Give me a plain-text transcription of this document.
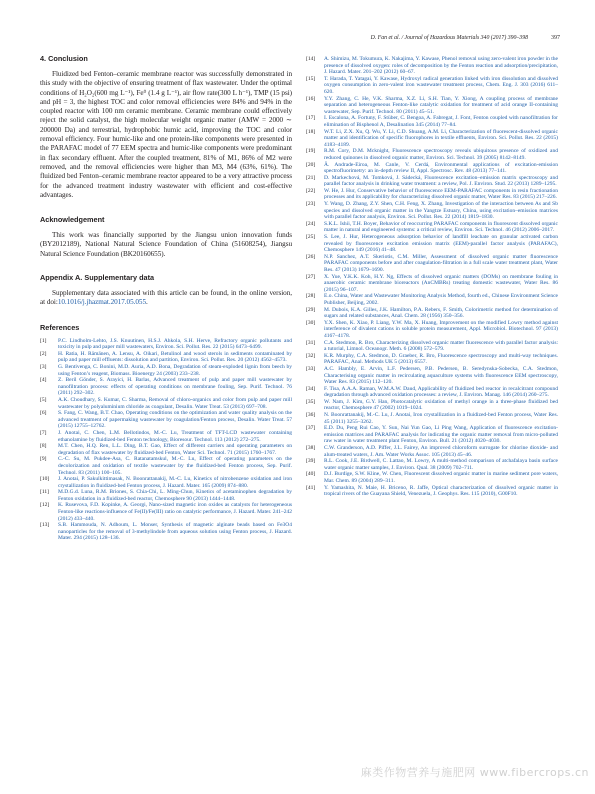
D. Fan et al. / Journal of Hazardous Materials 340 (2017) 390–398	397
4. Conclusion

Fluidized bed Fenton–ceramic membrane reactor was successfully demonstrated in this study with the objective of ensuring treatment of flax wastewater. Under the optimal conditions of H₂O₂(600 mg L⁻¹), Fe⁰ (1.4 g L⁻¹), air flow rate(300 L h⁻¹), TMP (15 psi) and pH = 3, the highest TOC and color removal efficiencies were 84% and 94% in the coupled reactor with 100 nm ceramic membrane. Ceramic membrane could effectively reject the solid catalyst, the high molecular weight organic matter (AMW = 2000 ∼ 200000 Da) and terrestrial, hydrophobic humic acid, improving the TOC and color removal efficiency. Four humic-like and one protein-like components were presented in the PARAFAC model of 77 EEM spectra and humic-like components were predominant in flax secondary effluent. After the coupled treatment, 81% of M1, 86% of M2 were removed, and the removal efficiencies were higher than M3, M4 (63%, 61%). The fluidized bed Fenton–ceramic membrane reactor appeared to be a very attractive process for the advanced treatment industry wastewater with efficient and cost-effective advantages.

Acknowledgement

This work was financially supported by the Jiangsu union innovation funds (BY2012189), National Natural Science Foundation of China (51608254), Jiangsu Natural Science Foundation (BK20160655).

Appendix A. Supplementary data

Supplementary data associated with this article can be found, in the online version, at doi:10.1016/j.jhazmat.2017.05.055.

References
[1]	P.C. Lindholm-Lehto, J.S. Knuutinen, H.S.J. Ahkola, S.H. Herve, Refractory organic pollutants and toxicity in pulp and paper mill wastewaters, Environ. Sci. Pollut. Res. 22 (2015) 6473–6499.
[2]	H. Ratia, H. Rämänen, A. Lensu, A. Oikari, Betulinol and wood sterols in sediments contaminated by pulp and paper mill effluents: dissolution and partition, Environ. Sci. Pollut. Res. 20 (2012) 4562–4573.
[3]	G. Bentivenga, C. Bonini, M.D. Auria, A.D. Bona, Degradation of steam-exploded lignin from beech by using Fenton’s reagent, Biomass. Bioenergy 24 (2003) 233–238.
[4]	Z. Beril Gönder, S. Arayici, H. Barlas, Advanced treatment of pulp and paper mill wastewater by nanofiltration process: effects of operating conditions on membrane fouling, Sep. Purif. Technol. 76 (2011) 292–302.
[5]	A.K. Choudhary, S. Kumar, C. Sharma, Removal of chloro-organics and color from pulp and paper mill wastewater by polyaluminium chloride as coagulant, Desalin. Water Treat. 53 (2013) 697–708.
[6]	S. Fang, C. Wang, B.T. Chao, Operating conditions on the optimization and water quality analysis on the advanced treatment of papermaking wastewater by coagulation/Fenton process, Desalin. Water Treat. 57 (2015) 12755–12762.
[7]	J. Anotai, C. Chen, L.M. Bellotindos, M.-C. Lu, Treatment of TFT-LCD wastewater containing ethanolamine by fluidized-bed Fenton technology, Bioresour. Technol. 113 (2012) 272–275.
[8]	M.T. Chen, H.Q. Ren, L.L. Ding, B.T. Gao, Effect of different carriers and operating parameters on degradation of flax wastewater by fluidized-bed Fenton, Water Sci. Technol. 71 (2015) 1760–1767.
[9]	C.-C. Su, M. Pukdee-Asa, C. Ratanatamskul, M.-C. Lu, Effect of operating parameters on the decolorization and oxidation of textile wastewater by the fluidized-bed Fenton process, Sep. Purif. Technol. 83 (2011) 100–105.
[10]	J. Anotai, P. Sakulkittimasak, N. Boonrattanakij, M.-C. Lu, Kinetics of nitrobenzene oxidation and iron crystallization in fluidized-bed Fenton process, J. Hazard. Mater. 165 (2009) 874–880.
[11]	M.D.G.d. Luna, R.M. Briones, S. Chia-Chi, L. Ming-Chun, Kinetics of acetaminophen degradation by Fenton oxidation in a fluidized-bed reactor, Chemosphere 90 (2013) 1444–1448.
[12]	K. Rusevova, F.D. Kopinke, A. Georgi, Nano-sized magnetic iron oxides as catalysts for heterogeneous Fenton-like reactions-influence of Fe(II)/Fe(III) ratio on catalytic performance, J. Hazard. Mater. 241–242 (2012) 433–440.
[13]	S.B. Hammouda, N. Adhoum, L. Monser, Synthesis of magnetic alginate beads based on Fe3O4 nanoparticles for the removal of 3-methylindole from aqueous solution using Fenton process, J. Hazard. Mater. 294 (2015) 128–136.
[14]	A. Shimizu, M. Tokumura, K. Nakajima, Y. Kawase, Phenol removal using zero-valent iron powder in the presence of dissolved oxygen: roles of decomposition by the Fenton reaction and adsorption/precipitation, J. Hazard. Mater. 201–202 (2012) 60–67.
[15]	T. Harada, T. Yatagai, Y. Kawase, Hydroxyl radical generation linked with iron dissolution and dissolved oxygen consumption in zero-valent iron wastewater treatment process, Chem. Eng. J. 303 (2016) 611–620.
[16]	Y.Y. Zhang, C. He, V.K. Sharma, X.Z. Li, S.H. Tian, Y. Xiong, A coupling process of membrane separation and heterogeneous Fenton-like catalytic oxidation for treatment of acid orange II-containing wastewater, Sep. Purif. Technol. 80 (2011) 45–51.
[17]	I. Escalona, A. Fortuny, F. Stüber, C. Bengoa, A. Fabregat, J. Font, Fenton coupled with nanofiltration for elimination of Bisphenol A, Desalination 345 (2014) 77–84.
[18]	W.T. Li, Z.X. Xu, Q. Wu, Y. Li, C.D. Shuang, A.M. Li, Characterization of fluorescent-dissolved organic matter and identification of specific fluorophores in textile effluents, Environ. Sci. Pollut. Res. 22 (2015) 4183–4189.
[19]	R.M. Cory, D.M. Mcknight, Fluorescence spectroscopy reveals ubiquitous presence of oxidized and reduced quinones in dissolved organic matter, Environ. Sci. Technol. 39 (2005) 8142–8149.
[20]	Â. Andrade-Eiroa, M. Canle, V. Cerdá, Environmental applications of excitation-emission spectrofluorimetry: an in-depth review II, Appl. Spectrosc. Rev. 48 (2013) 77–141.
[21]	D. Markechová, M. Tomková, J. Sádecká, Fluorescence excitation–emission matrix spectroscopy and parallel factor analysis in drinking water treatment: a review, Pol. J. Environ. Stud. 22 (2013) 1289–1295.
[22]	W. He, J. Hur, Conservative behavior of fluorescence EEM-PARAFAC components in resin fractionation processes and its applicability for characterizing dissolved organic matter, Water Res. 83 (2015) 217–226.
[23]	Y. Wang, D. Zhang, Z.Y. Shen, C.H. Feng, X. Zhang, Investigation of the interaction between As and Sb species and dissolved organic matter in the Yangtze Estuary, China, using excitation–emission matrices with parallel factor analysis, Environ. Sci. Pollut. Res. 22 (2014) 1819–1830.
[24]	S.K.L. Ishii, T.H. Boyer, Behavior of reoccurring PARAFAC components in fluorescent dissolved organic matter in natural and engineered systems: a critical review, Environ. Sci. Technol. 46 (2012) 2006–2017.
[25]	S. Lee, J. Hur, Heterogeneous adsorption behavior of landfill leachate on granular activated carbon revealed by fluorescence excitation emission matrix (EEM)-parallel factor analysis (PARAFAC), Chemosphere 149 (2016) 41–48.
[26]	N.P. Sanchez, A.T. Skeriotis, C.M. Miller, Assessment of dissolved organic matter fluorescence PARAFAC components before and after coagulation-filtration in a full scale water treatment plant, Water Res. 47 (2013) 1679–1690.
[27]	X. Yue, Y.K.K. Koh, H.Y. Ng, Effects of dissolved organic matters (DOMs) on membrane fouling in anaerobic ceramic membrane bioreactors (AnCMBRs) treating domestic wastewater, Water Res. 86 (2015) 96–107.
[28]	E.o. China, Water and Wastewater Monitoring Analysis Method, fourth ed., Chinese Environment Science Publisher, Beijing, 2002.
[29]	M. Dubois, K.A. Gilles, J.K. Hamilton, P.A. Rebers, F. Smith, Colorimetric method for determination of sugars and related substances, Anal. Chem. 28 (1956) 350–356.
[30]	Y.X. Shen, K. Xiao, P. Liang, Y.W. Ma, X. Huang, Improvement on the modified Lowry method against interference of divalent cations in soluble protein measurement, Appl. Microbiol. Biotechnol. 97 (2013) 4167–4178.
[31]	C.A. Stedmon, R. Bro, Characterizing dissolved organic matter fluorescence with parallel factor analysis: a tutorial, Limnol. Oceanogr. Meth. 6 (2008) 572–579.
[32]	K.R. Murphy, C.A. Stedmon, D. Graeber, R. Bro, Fluorescence spectroscopy and multi-way techniques. PARAFAC, Anal. Methods UK 5 (2013) 6557.
[33]	A.C. Hambly, E. Arvin, L.F. Pedersen, P.B. Pedersen, B. Seredynska-Sobecka, C.A. Stedmon, Characterising organic matter in recirculating aquaculture systems with fluorescence EEM spectroscopy, Water Res. 83 (2015) 112–120.
[34]	F. Tisa, A.A.A. Raman, W.M.A.W. Daud, Applicability of fluidized bed reactor in recalcitrant compound degradation through advanced oxidation processes: a review, J. Environ. Manag. 146 (2014) 260–275.
[35]	W. Nam, J. Kim, G.Y. Han, Photocatalytic oxidation of methyl orange in a three-phase fluidized bed reactor, Chemosphere 47 (2002) 1019–1024.
[36]	N. Boonrattanakij, M.-C. Lu, J. Anotai, Iron crystallization in a fluidized-bed Fenton process, Water Res. 45 (2011) 3255–3262.
[37]	E.D. Du, Peng Rui Cao, Y. Sun, Nai Yun Gao, Li Ping Wang, Application of fluorescence excitation-emission matrices and PARAFAC analysis for indicating the organic matter removal from micro-polluted raw water in water treatment plant Fenton, Environ. Bull. 21 (2012) 4020–4030.
[38]	C.W. Granderson, A.D. Piffer, J.L. Fairey, An improved chloroform surrogate for chlorine dioxide- and alum-treated waters, J. Am. Water Works Assoc. 105 (2013) 45–46.
[39]	R.L. Cook, J.E. Birdwell, C. Lattao, M. Lowry, A multi-method comparison of atchafalaya basin surface water organic matter samples, J. Environ. Qual. 38 (2009) 702–711.
[40]	D.J. Burdige, S.W. Kline, W. Chen, Fluorescent dissolved organic matter in marine sediment pore waters, Mar. Chem. 89 (2004) 289–311.
[41]	Y. Yamashita, N. Maie, H. Briceno, R. Jaffe, Optical characterization of dissolved organic matter in tropical rivers of the Guayana Shield, Venezuela, J. Geophys. Res. 115 (2010), G00F10.
麻类作物营养与施肥网 www.fibercrops.cn
